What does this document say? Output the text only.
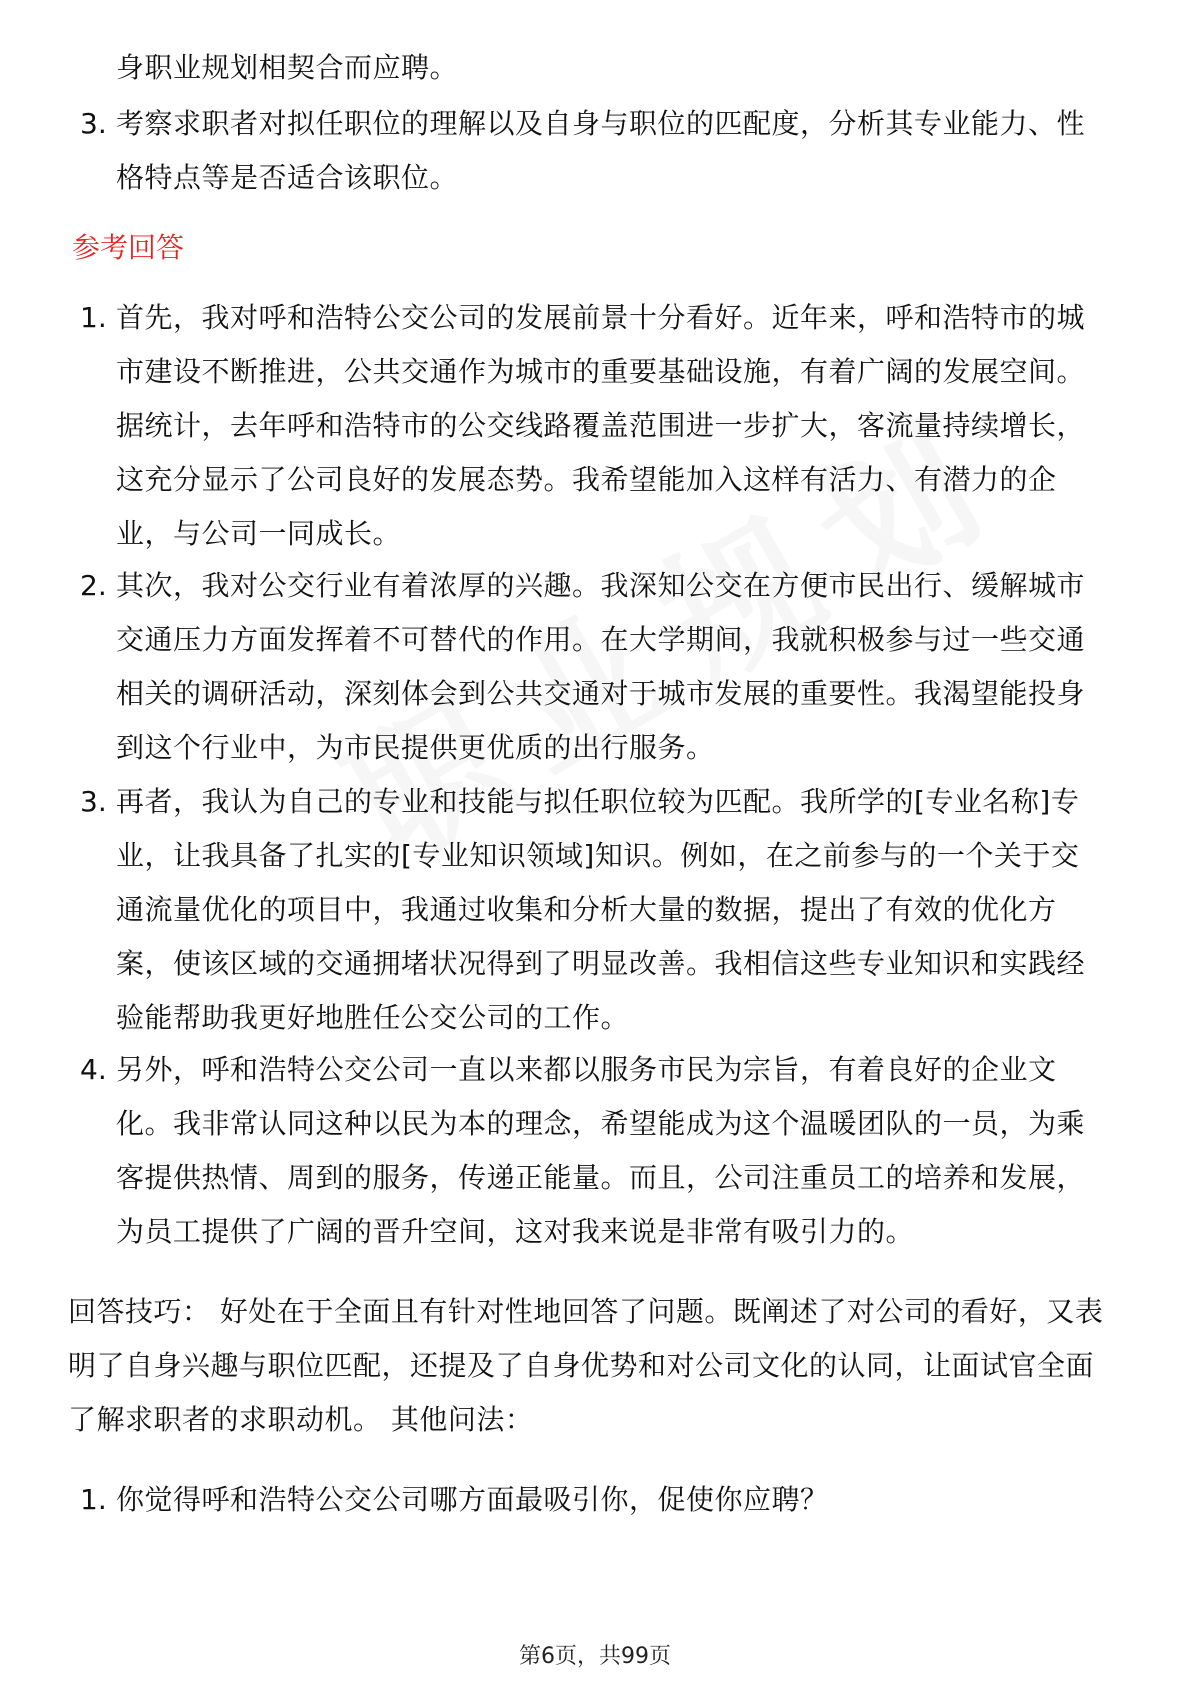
身职业规划相契合而应聘。
3. 考察求职者对拟任职位的理解以及自身与职位的匹配度，分析其专业能力、性
格特点等是否适合该职位。
参考回答
1. 首先，我对呼和浩特公交公司的发展前景十分看好。近年来，呼和浩特市的城
市建设不断推进，公共交通作为城市的重要基础设施，有着广阔的发展空间。
据统计，去年呼和浩特市的公交线路覆盖范围进一步扩大，客流量持续增长，
这充分显示了公司良好的发展态势。我希望能加入这样有活力、有潜力的企
业，与公司一同成长。
2. 其次，我对公交行业有着浓厚的兴趣。我深知公交在方便市民出行、缓解城市
交通压力方面发挥着不可替代的作用。在大学期间，我就积极参与过一些交通
相关的调研活动，深刻体会到公共交通对于城市发展的重要性。我渴望能投身
到这个行业中，为市民提供更优质的出行服务。
3. 再者，我认为自己的专业和技能与拟任职位较为匹配。我所学的[专业名称]专
业，让我具备了扎实的[专业知识领域]知识。例如，在之前参与的一个关于交
通流量优化的项目中，我通过收集和分析大量的数据，提出了有效的优化方
案，使该区域的交通拥堵状况得到了明显改善。我相信这些专业知识和实践经
验能帮助我更好地胜任公交公司的工作。
4. 另外，呼和浩特公交公司一直以来都以服务市民为宗旨，有着良好的企业文
化。我非常认同这种以民为本的理念，希望能成为这个温暖团队的一员，为乘
客提供热情、周到的服务，传递正能量。而且，公司注重员工的培养和发展，
为员工提供了广阔的晋升空间，这对我来说是非常有吸引力的。
回答技巧： 好处在于全面且有针对性地回答了问题。既阐述了对公司的看好，又表
明了自身兴趣与职位匹配，还提及了自身优势和对公司文化的认同，让面试官全面
了解求职者的求职动机。 其他问法：
1. 你觉得呼和浩特公交公司哪方面最吸引你，促使你应聘？
第6页，共99页
